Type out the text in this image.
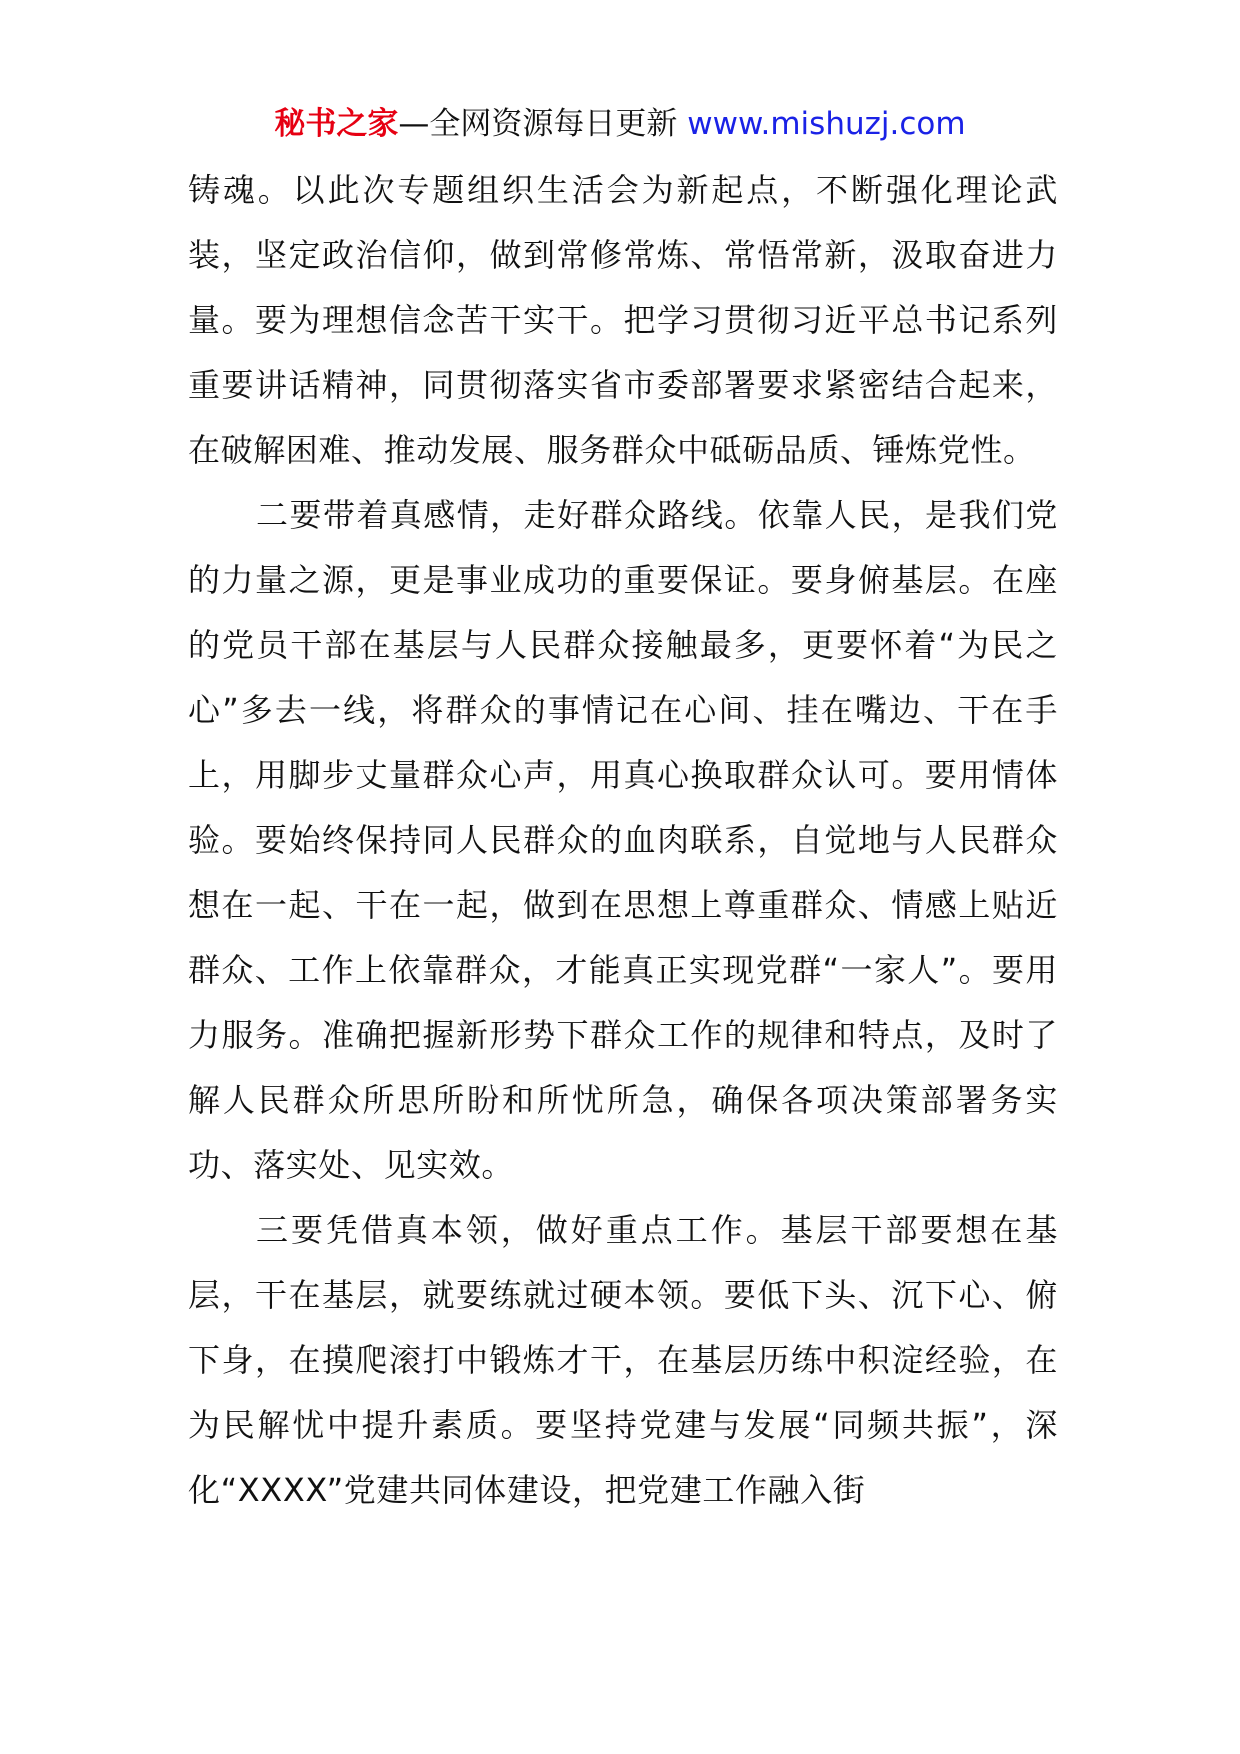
秘书之家—全网资源每日更新 www.mishuzj.com

铸魂。以此次专题组织生活会为新起点，不断强化理论武装，坚定政治信仰，做到常修常炼、常悟常新，汲取奋进力量。要为理想信念苦干实干。把学习贯彻习近平总书记系列重要讲话精神，同贯彻落实省市委部署要求紧密结合起来，在破解困难、推动发展、服务群众中砥砺品质、锤炼党性。

二要带着真感情，走好群众路线。依靠人民，是我们党的力量之源，更是事业成功的重要保证。要身俯基层。在座的党员干部在基层与人民群众接触最多，更要怀着“为民之心”多去一线，将群众的事情记在心间、挂在嘴边、干在手上，用脚步丈量群众心声，用真心换取群众认可。要用情体验。要始终保持同人民群众的血肉联系，自觉地与人民群众想在一起、干在一起，做到在思想上尊重群众、情感上贴近群众、工作上依靠群众，才能真正实现党群“一家人”。要用力服务。准确把握新形势下群众工作的规律和特点，及时了解人民群众所思所盼和所忧所急，确保各项决策部署务实功、落实处、见实效。

三要凭借真本领，做好重点工作。基层干部要想在基层，干在基层，就要练就过硬本领。要低下头、沉下心、俯下身，在摸爬滚打中锻炼才干，在基层历练中积淀经验，在为民解忧中提升素质。要坚持党建与发展“同频共振”，深化“XXXX”党建共同体建设，把党建工作融入街
